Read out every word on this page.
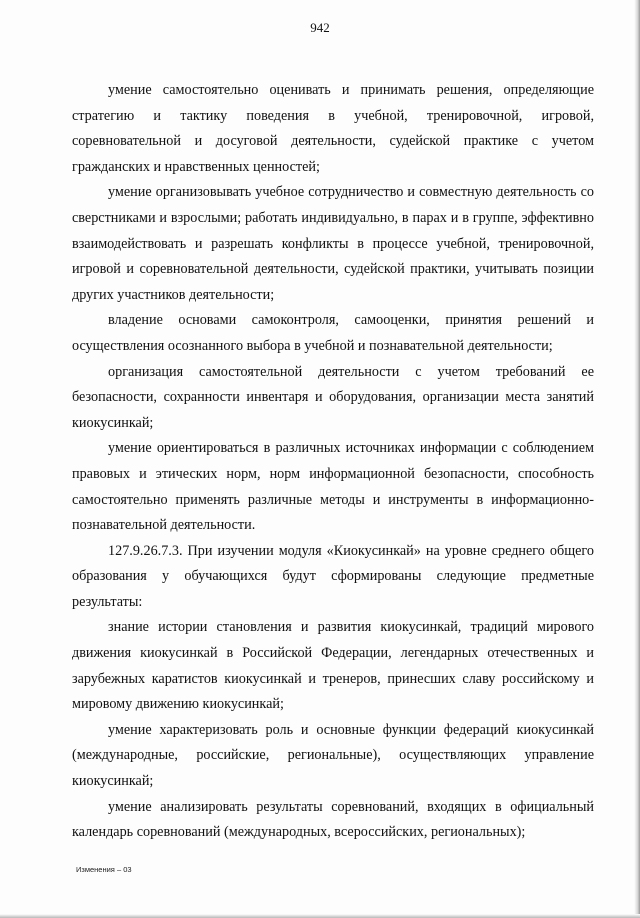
942

умение самостоятельно оценивать и принимать решения, определяющие стратегию и тактику поведения в учебной, тренировочной, игровой, соревновательной и досуговой деятельности, судейской практике с учетом гражданских и нравственных ценностей;

умение организовывать учебное сотрудничество и совместную деятельность со сверстниками и взрослыми; работать индивидуально, в парах и в группе, эффективно взаимодействовать и разрешать конфликты в процессе учебной, тренировочной, игровой и соревновательной деятельности, судейской практики, учитывать позиции других участников деятельности;

владение основами самоконтроля, самооценки, принятия решений и осуществления осознанного выбора в учебной и познавательной деятельности;

организация самостоятельной деятельности с учетом требований ее безопасности, сохранности инвентаря и оборудования, организации места занятий киокусинкай;

умение ориентироваться в различных источниках информации с соблюдением правовых и этических норм, норм информационной безопасности, способность самостоятельно применять различные методы и инструменты в информационно-познавательной деятельности.

127.9.26.7.3. При изучении модуля «Киокусинкай» на уровне среднего общего образования у обучающихся будут сформированы следующие предметные результаты:

знание истории становления и развития киокусинкай, традиций мирового движения киокусинкай в Российской Федерации, легендарных отечественных и зарубежных каратистов киокусинкай и тренеров, принесших славу российскому и мировому движению киокусинкай;

умение характеризовать роль и основные функции федераций киокусинкай (международные, российские, региональные), осуществляющих управление киокусинкай;

умение анализировать результаты соревнований, входящих в официальный календарь соревнований (международных, всероссийских, региональных);

Изменения – 03
